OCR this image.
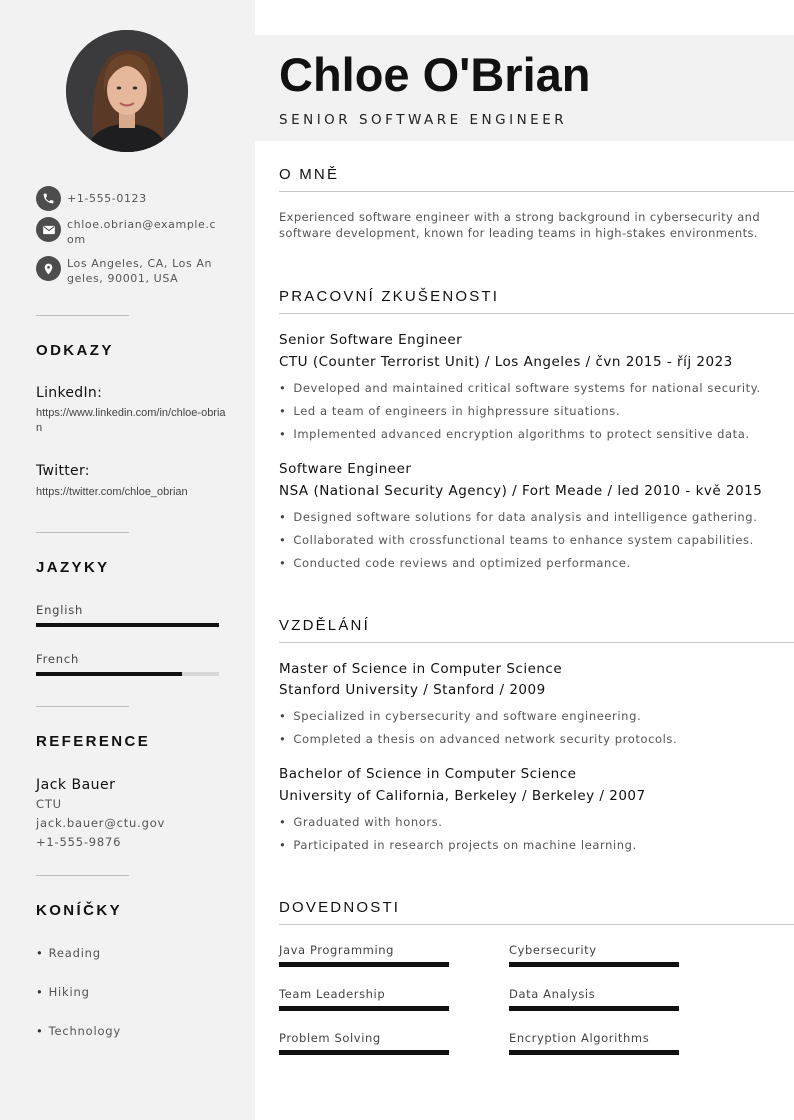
+1-555-0123
chloe.obrian@example.com
Los Angeles, CA, Los Angeles, 90001, USA
ODKAZY
LinkedIn:
https://www.linkedin.com/in/chloe-obrian
Twitter:
https://twitter.com/chloe_obrian
JAZYKY
English
French
REFERENCE
Jack Bauer
CTU
jack.bauer@ctu.gov
+1-555-9876
KONÍČKY
• Reading
• Hiking
• Technology
Chloe O'Brian
SENIOR SOFTWARE ENGINEER
O MNĚ
Experienced software engineer with a strong background in cybersecurity and software development, known for leading teams in high-stakes environments.
PRACOVNÍ ZKUŠENOSTI
Senior Software Engineer
CTU (Counter Terrorist Unit) / Los Angeles / čvn 2015 - říj 2023
• Developed and maintained critical software systems for national security.
• Led a team of engineers in highpressure situations.
• Implemented advanced encryption algorithms to protect sensitive data.
Software Engineer
NSA (National Security Agency) / Fort Meade / led 2010 - kvě 2015
• Designed software solutions for data analysis and intelligence gathering.
• Collaborated with crossfunctional teams to enhance system capabilities.
• Conducted code reviews and optimized performance.
VZDĚLÁNÍ
Master of Science in Computer Science
Stanford University / Stanford / 2009
• Specialized in cybersecurity and software engineering.
• Completed a thesis on advanced network security protocols.
Bachelor of Science in Computer Science
University of California, Berkeley / Berkeley / 2007
• Graduated with honors.
• Participated in research projects on machine learning.
DOVEDNOSTI
Java Programming	Cybersecurity
Team Leadership	Data Analysis
Problem Solving	Encryption Algorithms
